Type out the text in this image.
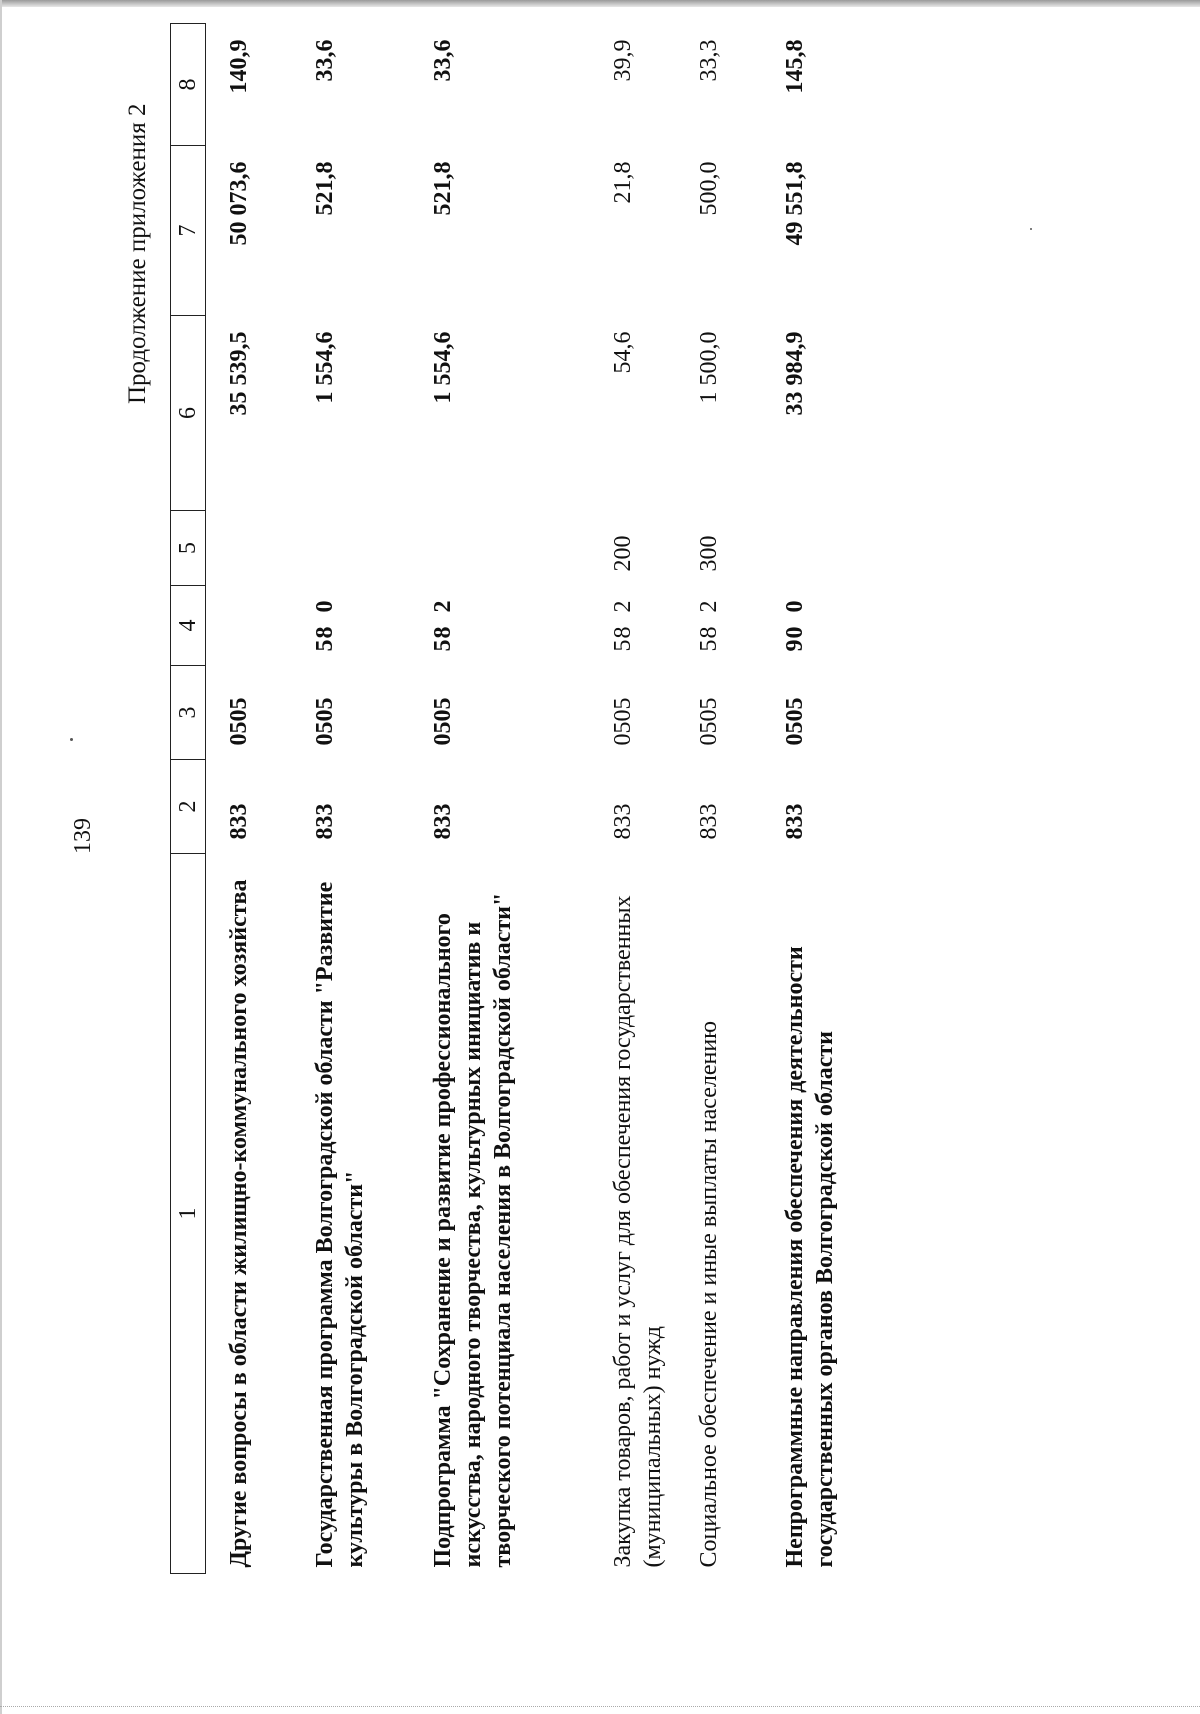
139
Продолжение приложения 2
1	2	3	4	5	6	7	8
Другие вопросы в области жилищно-коммунального хозяйства	833	0505			35 539,5	50 073,6	140,9
Государственная программа Волгоградской области "Развитие культуры в Волгоградской области"	833	0505	58 0		1 554,6	521,8	33,6
Подпрограмма "Сохранение и развитие профессионального искусства, народного творчества, культурных инициатив и творческого потенциала населения в Волгоградской области"	833	0505	58 2		1 554,6	521,8	33,6
Закупка товаров, работ и услуг для обеспечения государственных (муниципальных) нужд	833	0505	58 2	200	54,6	21,8	39,9
Социальное обеспечение и иные выплаты населению	833	0505	58 2	300	1 500,0	500,0	33,3
Непрограммные направления обеспечения деятельности государственных органов Волгоградской области	833	0505	90 0		33 984,9	49 551,8	145,8
